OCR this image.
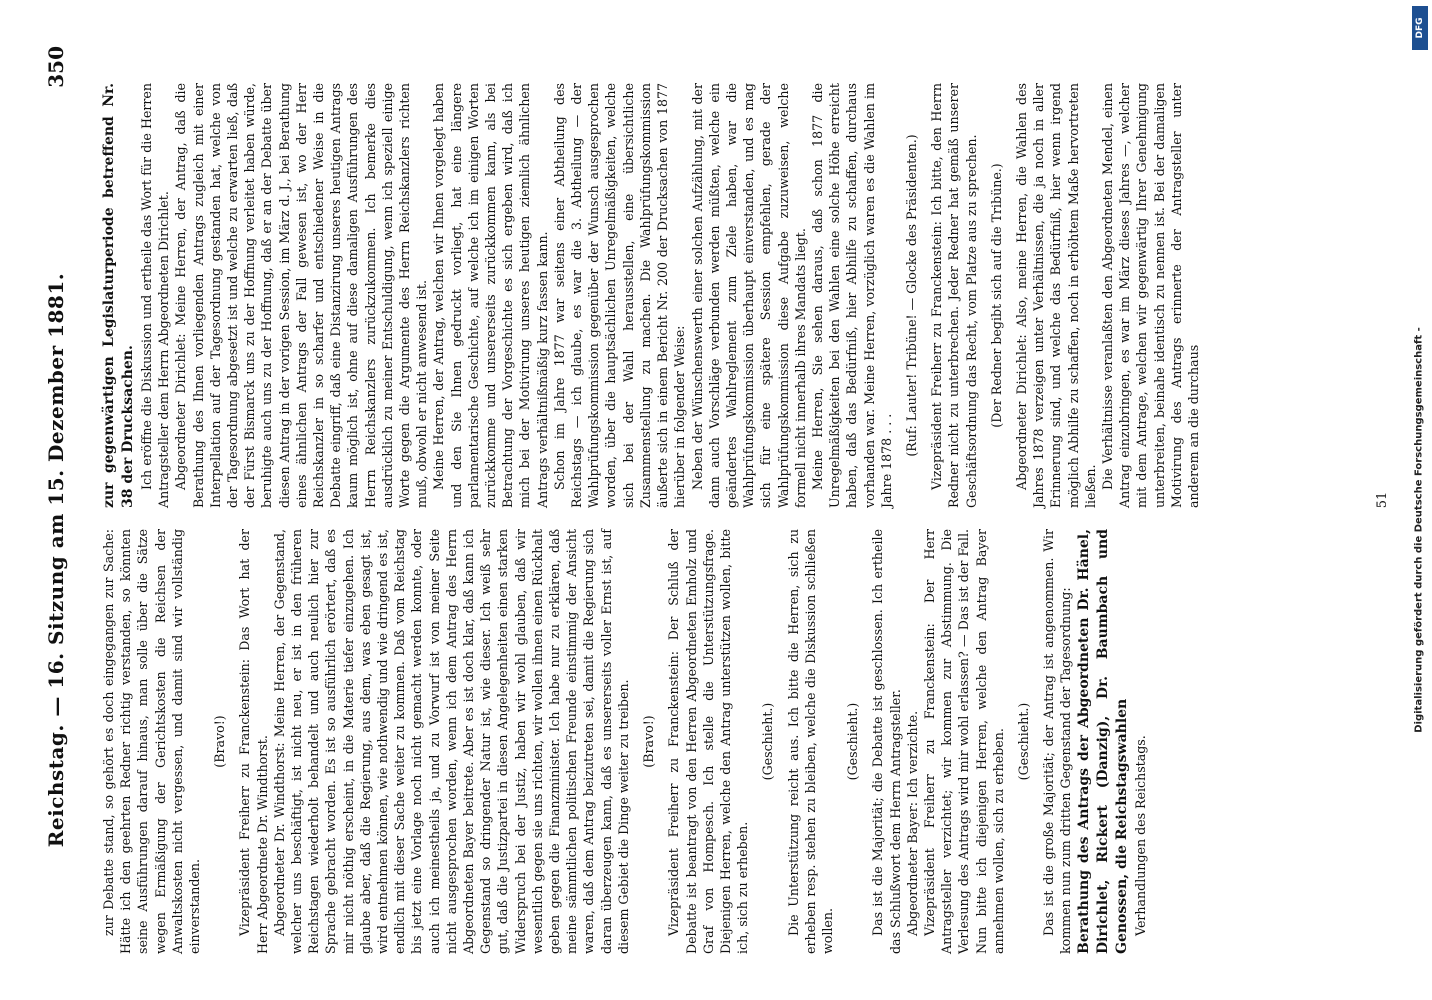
Reichstag. — 16. Sitzung am 15. Dezember 1881.
350

zur Debatte stand, so gehört es doch eingegangen zur Sache: Hätte ich den geehrten Redner richtig verstanden, so könnten seine Ausführungen darauf hinaus, man solle über die Sätze wegen Ermäßigung der Gerichtskosten die Reichsen der Anwaltskosten nicht vergessen, und damit sind wir vollständig einverstanden.

(Bravo!) Vizepräsident Freiherr zu Franckenstein: Das Wort hat der Herr Abgeordnete Dr. Windthorst. Abgeordneter Dr. Windthorst: Meine Herren, der Gegenstand, welcher uns beschäftigt, ist nicht neu, er ist in den früheren Reichstagen wiederholt behandelt und auch neulich hier zur Sprache gebracht worden. Es ist so ausführlich erörtert, daß es mir nicht nöthig erscheint, in die Materie tiefer einzugehen. Ich glaube aber, daß die Regierung, aus dem, was eben gesagt ist, wird entnehmen können, wie nothwendig und wie dringend es ist, endlich mit dieser Sache weiter zu kommen. Daß vom Reichstag bis jetzt eine Vorlage noch nicht gemacht werden konnte, oder auch ich meinestheils ja, und zu Vorwurf ist von meiner Seite nicht ausgesprochen worden, wenn ich dem Antrag des Herrn Abgeordneten Bayer beitrete. Aber es ist doch klar, daß kann ich Gegenstand so dringender Natur ist, wie dieser. Ich weiß sehr gut, daß die Justizpartei in diesen Angelegenheiten einen starken Widerspruch bei der Justiz, haben wir wohl glauben, daß wir wesentlich gegen sie uns richten, wir wollen ihnen einen Rückhalt geben gegen die Finanzminister. Ich habe nur zu erklären, daß meine sämmtlichen politischen Freunde einstimmig der Ansicht waren, daß dem Antrag beizutreten sei, damit die Regierung sich daran überzeugen kann, daß es unsererseits voller Ernst ist, auf diesem Gebiet die Dinge weiter zu treiben. (Bravo!) Vizepräsident Freiherr zu Franckenstein: Der Schluß der Debatte ist beantragt von den Herren Abgeordneten Emholz und Graf von Hompesch. Ich stelle die Unterstützungsfrage. Diejenigen Herren, welche den Antrag unterstützen wollen, bitte ich, sich zu erheben.

(Geschieht.) Die Unterstützung reicht aus. Ich bitte die Herren, sich zu erheben resp. stehen zu bleiben, welche die Diskussion schließen wollen.

(Geschieht.) Das ist die Majorität; die Debatte ist geschlossen. Ich ertheile das Schlußwort dem Herrn Antragsteller. Abgeordneter Bayer: Ich verzichte. Vizepräsident Freiherr zu Franckenstein: Der Herr Antragsteller verzichtet; wir kommen zur Abstimmung. Die Verlesung des Antrags wird mir wohl erlassen? — Das ist der Fall. Nun bitte ich diejenigen Herren, welche den Antrag Bayer annehmen wollen, sich zu erheben. (Geschieht.) Das ist die große Majorität; der Antrag ist angenommen. Wir kommen nun zum dritten Gegenstand der Tagesordnung: Berathung des Antrags der Abgeordneten Dr. Hänel, Dirichlet, Rickert (Danzig), Dr. Baumbach und Genossen, die Reichstagswahlen Verhandlungen des Reichstags.

zur gegenwärtigen Legislaturperiode betreffend Nr. 38 der Drucksachen. Ich eröffne die Diskussion und ertheile das Wort für die Herren Antragsteller dem Herrn Abgeordneten Dirichlet. Abgeordneter Dirichlet: Meine Herren, der Antrag, daß die Berathung des Ihnen vorliegenden Antrags zugleich mit einer Interpellation auf der Tagesordnung gestanden hat, welche von der Tagesordnung abgesetzt ist und welche zu erwarten ließ, daß der Fürst Bismarck uns zu der Hoffnung verleitet haben würde, beruhigte auch uns zu der Hoffnung, daß er an der Debatte über diesen Antrag in der vorigen Session, im März d. J., bei Berathung eines ähnlichen Antrags der Fall gewesen ist, wo der Herr Reichskanzler in so scharfer und entschiedener Weise in die Debatte eingriff, daß eine Distanzirung unseres heutigen Antrags kaum möglich ist, ohne auf diese damaligen Ausführungen des Herrn Reichskanzlers zurückzukommen. Ich bemerke dies ausdrücklich zu meiner Entschuldigung, wenn ich speziell einige Worte gegen die Argumente des Herrn Reichskanzlers richten muß, obwohl er nicht anwesend ist. Meine Herren, der Antrag, welchen wir Ihnen vorgelegt haben und den Sie Ihnen gedruckt vorliegt, hat eine längere parlamentarische Geschichte, auf welche ich im einigen Worten zurückkomme und unsererseits zurückkommen kann, als bei Betrachtung der Vorgeschichte es sich ergeben wird, daß ich mich bei der Motivirung unseres heutigen ziemlich ähnlichen Antrags verhältnißmäßig kurz fassen kann. Schon im Jahre 1877 war seitens einer Abtheilung des Reichstags — ich glaube, es war die 3. Abtheilung — der Wahlprüfungskommission gegenüber der Wunsch ausgesprochen worden, über die hauptsächlichen Unregelmäßigkeiten, welche sich bei der Wahl herausstellen, eine übersichtliche Zusammenstellung zu machen. Die Wahlprüfungskommission äußerte sich in einem Bericht Nr. 200 der Drucksachen von 1877 hierüber in folgender Weise: Neben der Wünschenswerth einer solchen Aufzählung, mit der dann auch Vorschläge verbunden werden müßten, welche ein geändertes Wahlreglement zum Ziele haben, war die Wahlprüfungskommission überhaupt einverstanden, und es mag sich für eine spätere Session empfehlen, gerade der Wahlprüfungskommission diese Aufgabe zuzuweisen, welche formell nicht innerhalb ihres Mandats liegt. Meine Herren, Sie sehen daraus, daß schon 1877 die Unregelmäßigkeiten bei den Wahlen eine solche Höhe erreicht haben, daß das Bedürfniß, hier Abhilfe zu schaffen, durchaus vorhanden war. Meine Herren, vorzüglich waren es die Wahlen im Jahre 1878 . . .

(Ruf: Lauter! Tribüne! — Glocke des Präsidenten.) Vizepräsident Freiherr zu Franckenstein: Ich bitte, den Herrn Redner nicht zu unterbrechen. Jeder Redner hat gemäß unserer Geschäftsordnung das Recht, vom Platze aus zu sprechen. (Der Redner begibt sich auf die Tribüne.) Abgeordneter Dirichlet: Also, meine Herren, die Wahlen des Jahres 1878 verzeigen unter Verhältnissen, die ja noch in aller Erinnerung sind, und welche das Bedürfniß, hier wenn irgend möglich Abhilfe zu schaffen, noch in erhöhtem Maße hervortreten ließen. Die Verhältnisse veranlaßten den Abgeordneten Mendel, einen Antrag einzubringen, es war im März dieses Jahres —, welcher mit dem Antrage, welchen wir gegenwärtig Ihrer Genehmigung unterbreiten, beinahe identisch zu nennen ist. Bei der damaligen Motivirung des Antrags erinnerte der Antragsteller unter anderem an die durchaus	51 Digitalisierung gefördert durch die Deutsche Forschungsgemeinschaft -
DFG
